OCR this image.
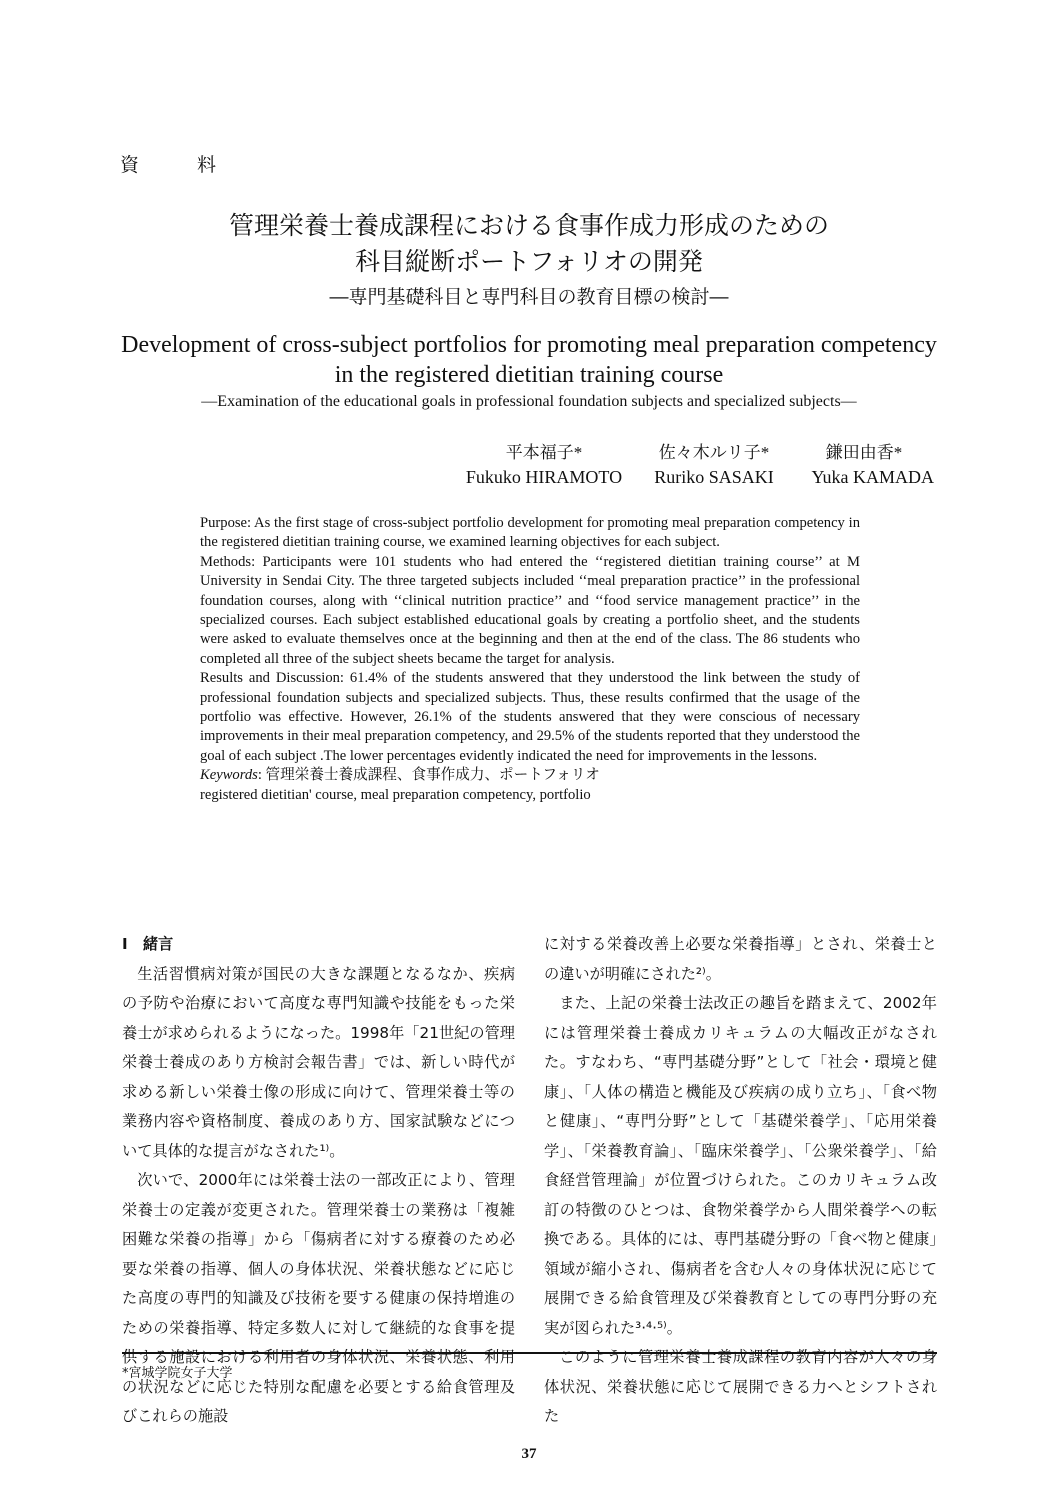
資 料
管理栄養士養成課程における食事作成力形成のための
科目縦断ポートフォリオの開発
―専門基礎科目と専門科目の教育目標の検討―
Development of cross-subject portfolios for promoting meal preparation competency
in the registered dietitian training course
―Examination of the educational goals in professional foundation subjects and specialized subjects―
平本福子*	佐々木ルリ子*	鎌田由香*
Fukuko HIRAMOTO	Ruriko SASAKI	Yuka KAMADA

Purpose: As the first stage of cross-subject portfolio development for promoting meal preparation competency in the registered dietitian training course, we examined learning objectives for each subject.

Methods: Participants were 101 students who had entered the ‘‘registered dietitian training course’’ at M University in Sendai City. The three targeted subjects included ‘‘meal preparation practice’’ in the professional foundation courses, along with ‘‘clinical nutrition practice’’ and ‘‘food service management practice’’ in the specialized courses. Each subject established educational goals by creating a portfolio sheet, and the students were asked to evaluate themselves once at the beginning and then at the end of the class. The 86 students who completed all three of the subject sheets became the target for analysis.

Results and Discussion: 61.4% of the students answered that they understood the link between the study of professional foundation subjects and specialized subjects. Thus, these results confirmed that the usage of the portfolio was effective. However, 26.1% of the students answered that they were conscious of necessary improvements in their meal preparation competency, and 29.5% of the students reported that they understood the goal of each subject .The lower percentages evidently indicated the need for improvements in the lessons.

Keywords: 管理栄養士養成課程、食事作成力、ポートフォリオ

registered dietitian' course, meal preparation competency, portfolio

Ⅰ　緒言

生活習慣病対策が国民の大きな課題となるなか、疾病の予防や治療において高度な専門知識や技能をもった栄養士が求められるようになった。1998年「21世紀の管理栄養士養成のあり方検討会報告書」では、新しい時代が求める新しい栄養士像の形成に向けて、管理栄養士等の業務内容や資格制度、養成のあり方、国家試験などについて具体的な提言がなされた¹⁾。

次いで、2000年には栄養士法の一部改正により、管理栄養士の定義が変更された。管理栄養士の業務は「複雑困難な栄養の指導」から「傷病者に対する療養のため必要な栄養の指導、個人の身体状況、栄養状態などに応じた高度の専門的知識及び技術を要する健康の保持増進のための栄養指導、特定多数人に対して継続的な食事を提供する施設における利用者の身体状況、栄養状態、利用の状況などに応じた特別な配慮を必要とする給食管理及びこれらの施設

に対する栄養改善上必要な栄養指導」とされ、栄養士との違いが明確にされた²⁾。

また、上記の栄養士法改正の趣旨を踏まえて、2002年には管理栄養士養成カリキュラムの大幅改正がなされた。すなわち、“専門基礎分野”として「社会・環境と健康」、「人体の構造と機能及び疾病の成り立ち」、「食べ物と健康」、“専門分野”として「基礎栄養学」、「応用栄養学」、「栄養教育論」、「臨床栄養学」、「公衆栄養学」、「給食経営管理論」が位置づけられた。このカリキュラム改訂の特徴のひとつは、食物栄養学から人間栄養学への転換である。具体的には、専門基礎分野の「食べ物と健康」領域が縮小され、傷病者を含む人々の身体状況に応じて展開できる給食管理及び栄養教育としての専門分野の充実が図られた³·⁴·⁵⁾。

このように管理栄養士養成課程の教育内容が人々の身体状況、栄養状態に応じて展開できる力へとシフトされた

*宮城学院女子大学
37
